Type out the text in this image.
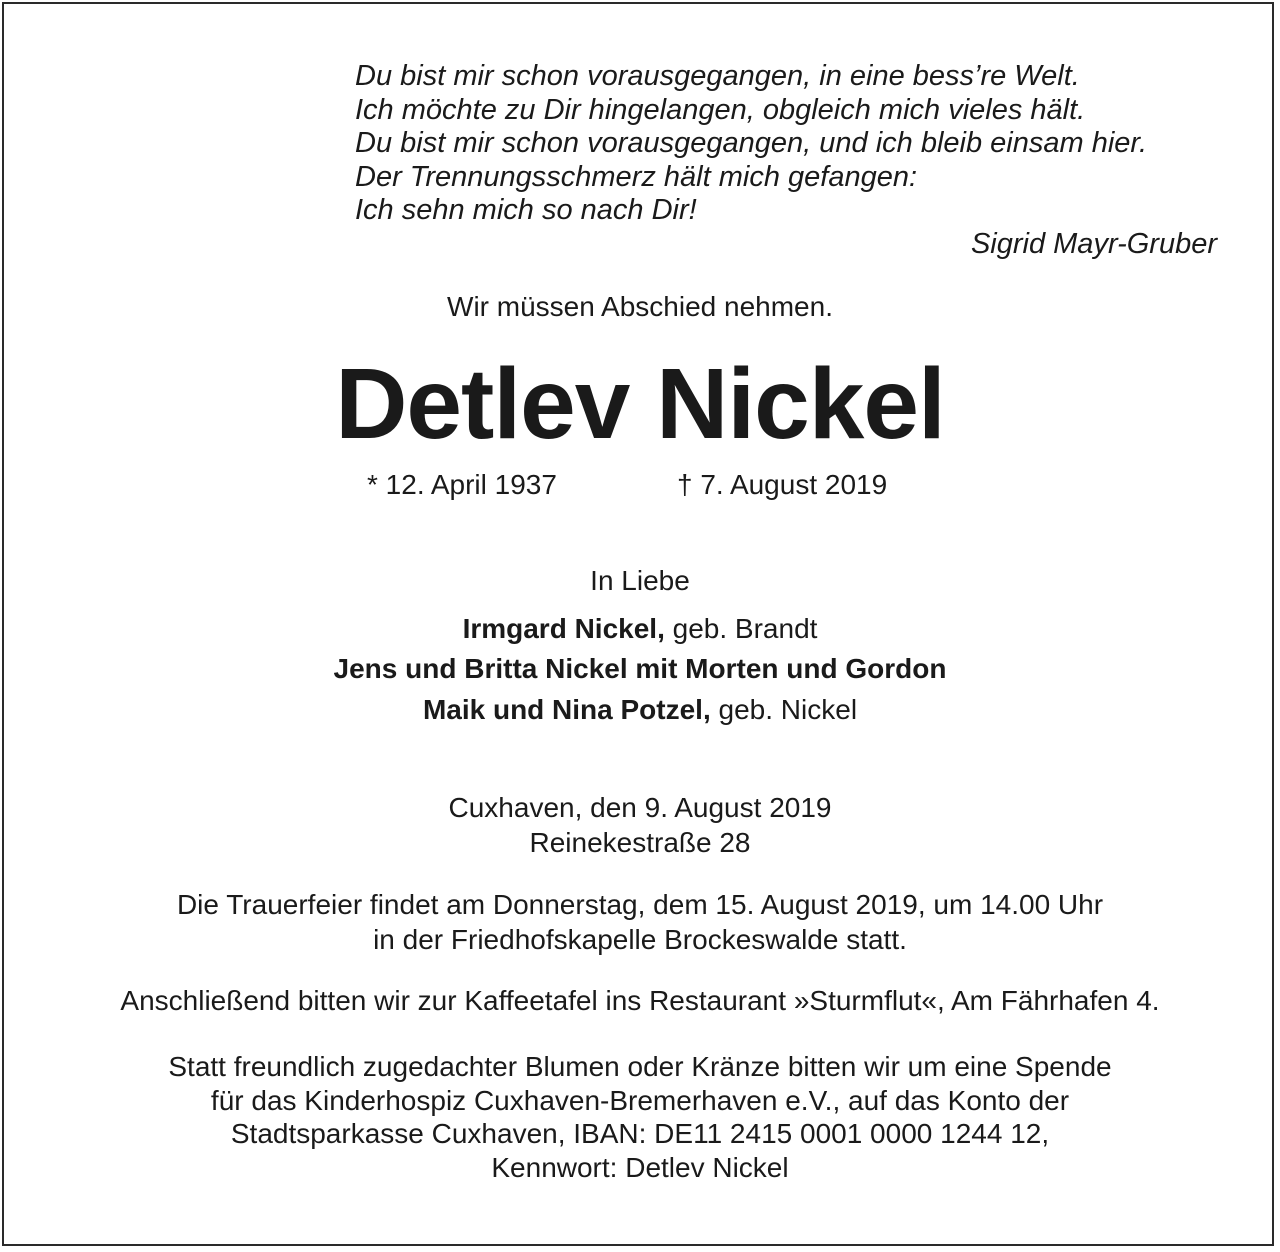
Du bist mir schon vorausgegangen, in eine bess’re Welt.
Ich möchte zu Dir hingelangen, obgleich mich vieles hält.
Du bist mir schon vorausgegangen, und ich bleib einsam hier.
Der Trennungsschmerz hält mich gefangen:
Ich sehn mich so nach Dir!
Sigrid Mayr-Gruber
Wir müssen Abschied nehmen.
Detlev Nickel
* 12. April 1937	† 7. August 2019
In Liebe
Irmgard Nickel, geb. Brandt
Jens und Britta Nickel mit Morten und Gordon
Maik und Nina Potzel, geb. Nickel
Cuxhaven, den 9. August 2019
Reinekestraße 28
Die Trauerfeier findet am Donnerstag, dem 15. August 2019, um 14.00 Uhr
in der Friedhofskapelle Brockeswalde statt.
Anschließend bitten wir zur Kaffeetafel ins Restaurant »Sturmflut«, Am Fährhafen 4.
Statt freundlich zugedachter Blumen oder Kränze bitten wir um eine Spende
für das Kinderhospiz Cuxhaven-Bremerhaven e.V., auf das Konto der
Stadtsparkasse Cuxhaven, IBAN: DE11 2415 0001 0000 1244 12,
Kennwort: Detlev Nickel
